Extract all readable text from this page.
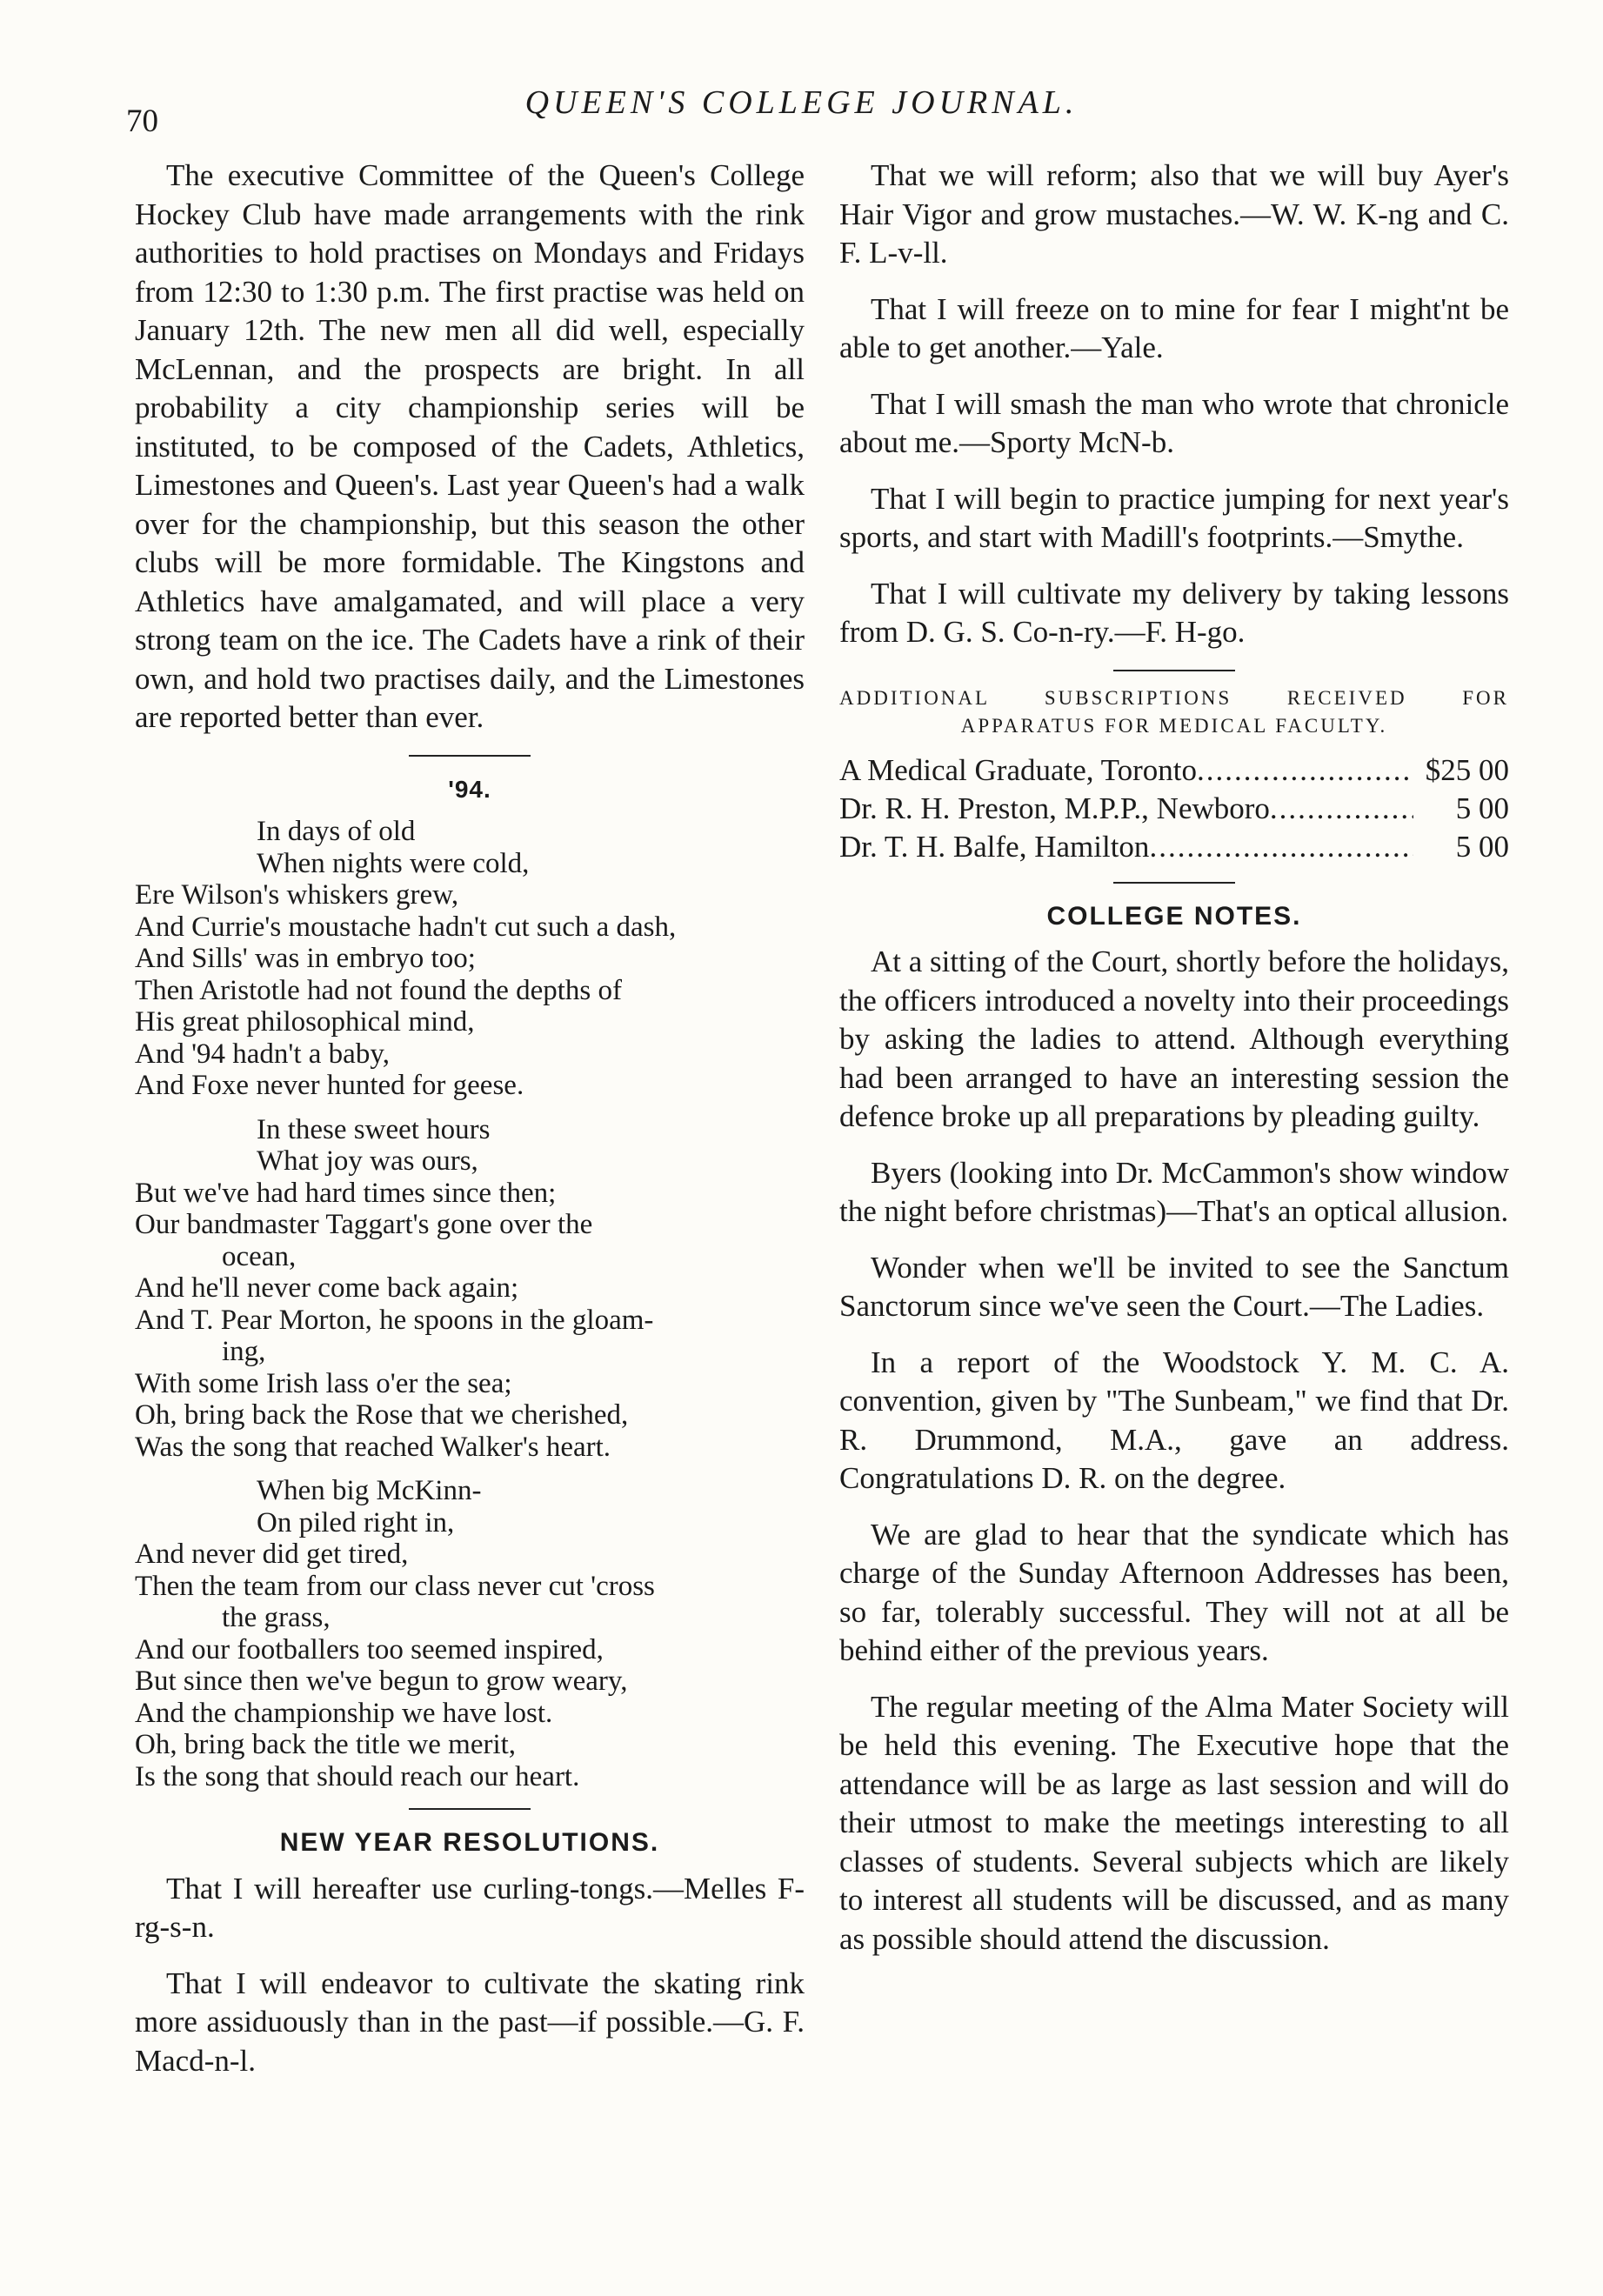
70
QUEEN'S COLLEGE JOURNAL.

The executive Committee of the Queen's College Hockey Club have made arrangements with the rink authorities to hold practises on Mondays and Fridays from 12:30 to 1:30 p.m. The first practise was held on January 12th. The new men all did well, especially McLennan, and the prospects are bright. In all probability a city championship series will be instituted, to be composed of the Cadets, Athletics, Limestones and Queen's. Last year Queen's had a walk over for the championship, but this season the other clubs will be more formidable. The Kingstons and Athletics have amalgamated, and will place a very strong team on the ice. The Cadets have a rink of their own, and hold two practises daily, and the Limestones are reported better than ever.

'94.
In days of old
When nights were cold,
Ere Wilson's whiskers grew,
And Currie's moustache hadn't cut such a dash,
And Sills' was in embryo too;
Then Aristotle had not found the depths of
His great philosophical mind,
And '94 hadn't a baby,
And Foxe never hunted for geese.
In these sweet hours
What joy was ours,
But we've had hard times since then;
Our bandmaster Taggart's gone over the
ocean,
And he'll never come back again;
And T. Pear Morton, he spoons in the gloam-
ing,
With some Irish lass o'er the sea;
Oh, bring back the Rose that we cherished,
Was the song that reached Walker's heart.
When big McKinn-
On piled right in,
And never did get tired,
Then the team from our class never cut 'cross
the grass,
And our footballers too seemed inspired,
But since then we've begun to grow weary,
And the championship we have lost.
Oh, bring back the title we merit,
Is the song that should reach our heart.
NEW YEAR RESOLUTIONS.

That I will hereafter use curling-tongs.—Melles F-rg-s-n.

That I will endeavor to cultivate the skating rink more assiduously than in the past—if possible.—G. F. Macd-n-l.

That we will reform; also that we will buy Ayer's Hair Vigor and grow mustaches.—W. W. K-ng and C. F. L-v-ll.

That I will freeze on to mine for fear I might'nt be able to get another.—Yale.

That I will smash the man who wrote that chronicle about me.—Sporty McN-b.

That I will begin to practice jumping for next year's sports, and start with Madill's footprints.—Smythe.

That I will cultivate my delivery by taking lessons from D. G. S. Co-n-ry.—F. H-go.

ADDITIONAL SUBSCRIPTIONS RECEIVED FOR
APPARATUS FOR MEDICAL FACULTY.
A Medical Graduate, Toronto .....	$25 00
Dr. R. H. Preston, M.P.P., Newboro .....	5 00
Dr. T. H. Balfe, Hamilton .....	5 00
COLLEGE NOTES.

At a sitting of the Court, shortly before the holidays, the officers introduced a novelty into their proceedings by asking the ladies to attend. Although everything had been arranged to have an interesting session the defence broke up all preparations by pleading guilty.

Byers (looking into Dr. McCammon's show window the night before christmas)—That's an optical allusion.

Wonder when we'll be invited to see the Sanctum Sanctorum since we've seen the Court.—The Ladies.

In a report of the Woodstock Y. M. C. A. convention, given by "The Sunbeam," we find that Dr. R. Drummond, M.A., gave an address. Congratulations D. R. on the degree.

We are glad to hear that the syndicate which has charge of the Sunday Afternoon Addresses has been, so far, tolerably successful. They will not at all be behind either of the previous years.

The regular meeting of the Alma Mater Society will be held this evening. The Executive hope that the attendance will be as large as last session and will do their utmost to make the meetings interesting to all classes of students. Several subjects which are likely to interest all students will be discussed, and as many as possible should attend the discussion.
